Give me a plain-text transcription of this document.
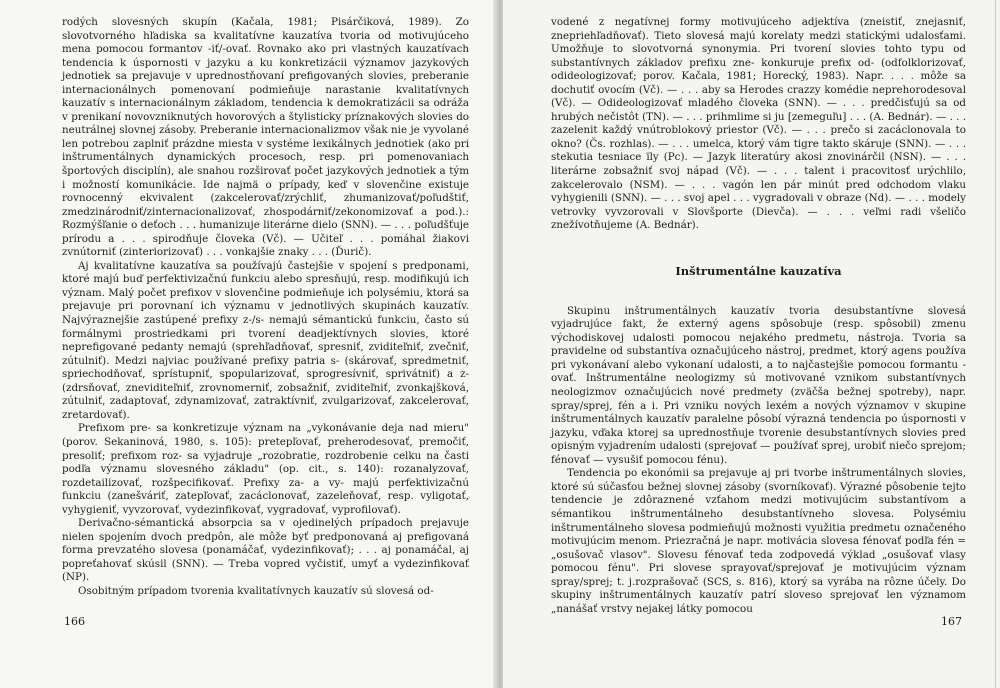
rodých slovesných skupín (Kačala, 1981; Pisárčiková, 1989). Zo slovotvorného hľadiska sa kvalitatívne kauzatíva tvoria od motivujúceho mena pomocou formantov -iť/-ovať. Rovnako ako pri vlastných kauzatívach tendencia k úspornosti v jazyku a ku konkretizácii významov jazykových jednotiek sa prejavuje v uprednostňovaní prefigovaných slovies, preberanie internacionálnych pomenovaní podmieňuje narastanie kvalitatívnych kauzatív s internacionálnym základom, tendencia k demokratizácii sa odráža v prenikaní novovzniknutých hovorových a štylisticky príznakových slovies do neutrálnej slovnej zásoby. Preberanie internacionalizmov však nie je vyvolané len potrebou zaplniť prázdne miesta v systéme lexikálnych jednotiek (ako pri inštrumentálnych dynamických procesoch, resp. pri pomenovaniach športových disciplín), ale snahou rozširovať počet jazykových jednotiek a tým i možností komunikácie. Ide najmä o prípady, keď v slovenčine existuje rovnocenný ekvivalent (zakcelerovať/zrýchliť, zhumanizovať/poľudštiť, zmedzinárodniť/zinternacionalizovať, zhospodárniť/zekonomizovať a pod.).: Rozmýšľanie o deťoch . . . humanizuje literárne dielo (SNN). — . . . poľudšťuje prírodu a . . . spirodňuje človeka (Vč). — Učiteľ . . . pomáhal žiakovi zvnútorniť (zinteriorizovať) . . . vonkajšie znaky . . . (Ďurič).

Aj kvalitatívne kauzatíva sa používajú častejšie v spojení s predponami, ktoré majú buď perfektivizačnú funkciu alebo spresňujú, resp. modifikujú ich význam. Malý počet prefixov v slovenčine podmieňuje ich polysémiu, ktorá sa prejavuje pri porovnaní ich významu v jednotlivých skupinách kauzatív. Najvýraznejšie zastúpené prefixy z-/s- nemajú sémantickú funkciu, často sú formálnymi prostriedkami pri tvorení deadjektívnych slovies, ktoré neprefigované pedanty nemajú (sprehľadňovať, spresniť, zviditeľniť, zvečniť, zútulniť). Medzi najviac používané prefixy patria s- (skárovať, spredmetniť, spriechodňovať, sprístupniť, spopularizovať, sprogresívniť, sprivátniť) a z- (zdrsňovať, zneviditeľniť, zrovnomerniť, zobsažniť, zviditeľniť, zvonkajšková, zútulniť, zadaptovať, zdynamizovať, zatraktívniť, zvulgarizovať, zakcelerovať, zretardovať).

Prefixom pre- sa konkretizuje význam na „vykonávanie deja nad mieru" (porov. Sekaninová, 1980, s. 105): pretepľovať, preherodesovať, premočiť, presoliť; prefixom roz- sa vyjadruje „rozobratie, rozdrobenie celku na časti podľa významu slovesného základu" (op. cit., s. 140): rozanalyzovať, rozdetailizovať, rozšpecifikovať. Prefixy za- a vy- majú perfektivizačnú funkciu (zanešváriť, zatepľovať, zacáclonovať, zazeleňovať, resp. vyligotať, vyhygieniť, vyvzorovať, vydezinfikovať, vygradovať, vyprofilovať).

Derivačno-sémantická absorpcia sa v ojedinelých prípadoch prejavuje nielen spojením dvoch predpôn, ale môže byť predponovaná aj prefigovaná forma prevzatého slovesa (ponamáčať, vydezinfikovať); . . . aj ponamáčal, aj popreťahovať skúsil (SNN). — Treba vopred vyčistiť, umyť a vydezinfikovať (NP).

Osobitným prípadom tvorenia kvalitatívnych kauzatív sú slovesá od-

166

vodené z negatívnej formy motivujúceho adjektíva (zneistiť, znejasniť, znepriehľadňovať). Tieto slovesá majú korelaty medzi statickými udalosťami. Umožňuje to slovotvorná synonymia. Pri tvorení slovies tohto typu od substantívnych základov prefixu zne- konkuruje prefix od- (odfolklorizovať, odideologizovať; porov. Kačala, 1981; Horecký, 1983). Napr. . . . môže sa dochutiť ovocím (Vč). — . . . aby sa Herodes crazzy komédie neprehorodesoval (Vč). — Odideologizovať mladého človeka (SNN). — . . . predčisťujú sa od hrubých nečistôt (TN). — . . . prihmlime si ju [zemeguľu] . . . (A. Bednár). — . . . zazelenit každý vnútroblokový priestor (Vč). — . . . prečo si zacáclonovala to okno? (Čs. rozhlas). — . . . umelca, ktorý vám tigre takto skáruje (SNN). — . . . stekutia tesniace ïly (Pc). — Jazyk literatúry akosi znovinárčil (NSN). — . . . literárne zobsažniť svoj nápad (Vč). — . . . talent i pracovitosť urýchlilo, zakcelerovalo (NSM). — . . . vagón len pár minút pred odchodom vlaku vyhygienili (SNN). — . . . svoj apel . . . vygradovali v obraze (Nd). — . . . modely vetrovky vyvzorovali v Slovšporte (Dievča). — . . . veľmi radi všeličo znežívotňujeme (A. Bednár).

Inštrumentálne kauzatíva

Skupinu inštrumentálnych kauzatív tvoria desubstantívne slovesá vyjadrujúce fakt, že externý agens spôsobuje (resp. spôsobil) zmenu východiskovej udalosti pomocou nejakého predmetu, nástroja. Tvoria sa pravidelne od substantíva označujúceho nástroj, predmet, ktorý agens používa pri vykonávaní alebo vykonaní udalosti, a to najčastejšie pomocou formantu -ovať. Inštrumentálne neologizmy sú motivované vznikom substantívnych neologizmov označujúcich nové predmety (zväčša bežnej spotreby), napr. spray/sprej, fén a i. Pri vzniku nových lexém a nových významov v skupine inštrumentálnych kauzatív paralelne pôsobí výrazná tendencia po úspornosti v jazyku, vďaka ktorej sa uprednostňuje tvorenie desubstantívnych slovies pred opisným vyjadrením udalosti (sprejovať — používať sprej, urobiť niečo sprejom; fénovať — vysušiť pomocou fénu).

Tendencia po ekonómii sa prejavuje aj pri tvorbe inštrumentálnych slovies, ktoré sú súčasťou bežnej slovnej zásoby (svorníkovať). Výrazné pôsobenie tejto tendencie je zdôraznené vzťahom medzi motivujúcim substantívom a sémantikou inštrumentálneho desubstantívneho slovesa. Polysémiu inštrumentálneho slovesa podmieňujú možnosti využitia predmetu označeného motivujúcim menom. Priezračná je napr. motivácia slovesa fénovať podľa fén = „osušovač vlasov". Slovesu fénovať teda zodpovedá výklad „osušovať vlasy pomocou fénu". Pri slovese sprayovať/sprejovať je motivujúcim význam spray/sprej; t. j.rozprašovač (SCS, s. 816), ktorý sa vyrába na rôzne účely. Do skupiny inštrumentálnych kauzatív patrí sloveso sprejovať len významom „nanášať vrstvy nejakej látky pomocou

167
